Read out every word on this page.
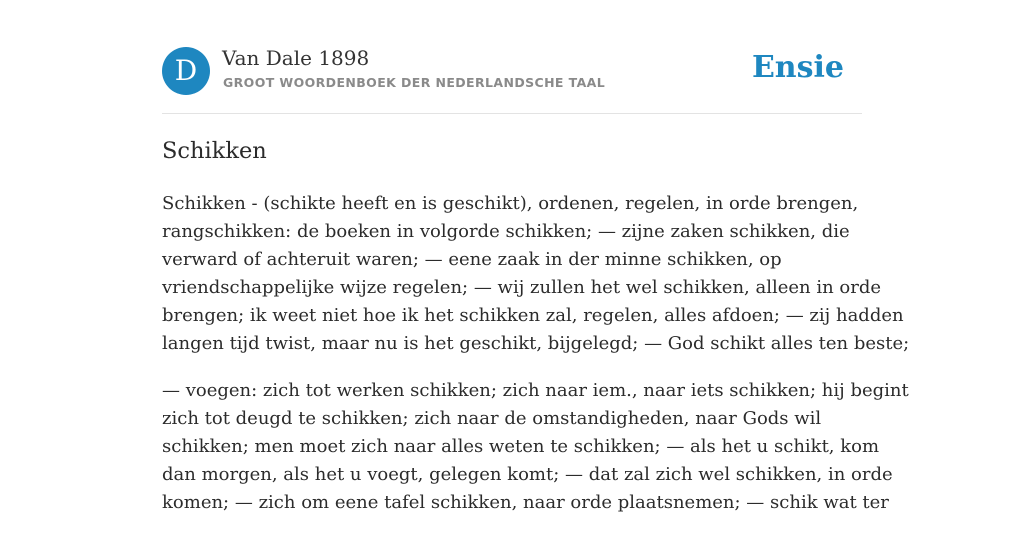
D	Van Dale 1898
GROOT WOORDENBOEK DER NEDERLANDSCHE TAAL	Ensie
Schikken

Schikken - (schikte heeft en is geschikt), ordenen, regelen, in orde brengen,
rangschikken: de boeken in volgorde schikken; — zijne zaken schikken, die
verward of achteruit waren; — eene zaak in der minne schikken, op
vriendschappelijke wijze regelen; — wij zullen het wel schikken, alleen in orde
brengen; ik weet niet hoe ik het schikken zal, regelen, alles afdoen; — zij hadden
langen tijd twist, maar nu is het geschikt, bijgelegd; — God schikt alles ten beste;

— voegen: zich tot werken schikken; zich naar iem., naar iets schikken; hij begint
zich tot deugd te schikken; zich naar de omstandigheden, naar Gods wil
schikken; men moet zich naar alles weten te schikken; — als het u schikt, kom
dan morgen, als het u voegt, gelegen komt; — dat zal zich wel schikken, in orde
komen; — zich om eene tafel schikken, naar orde plaatsnemen; — schik wat ter
